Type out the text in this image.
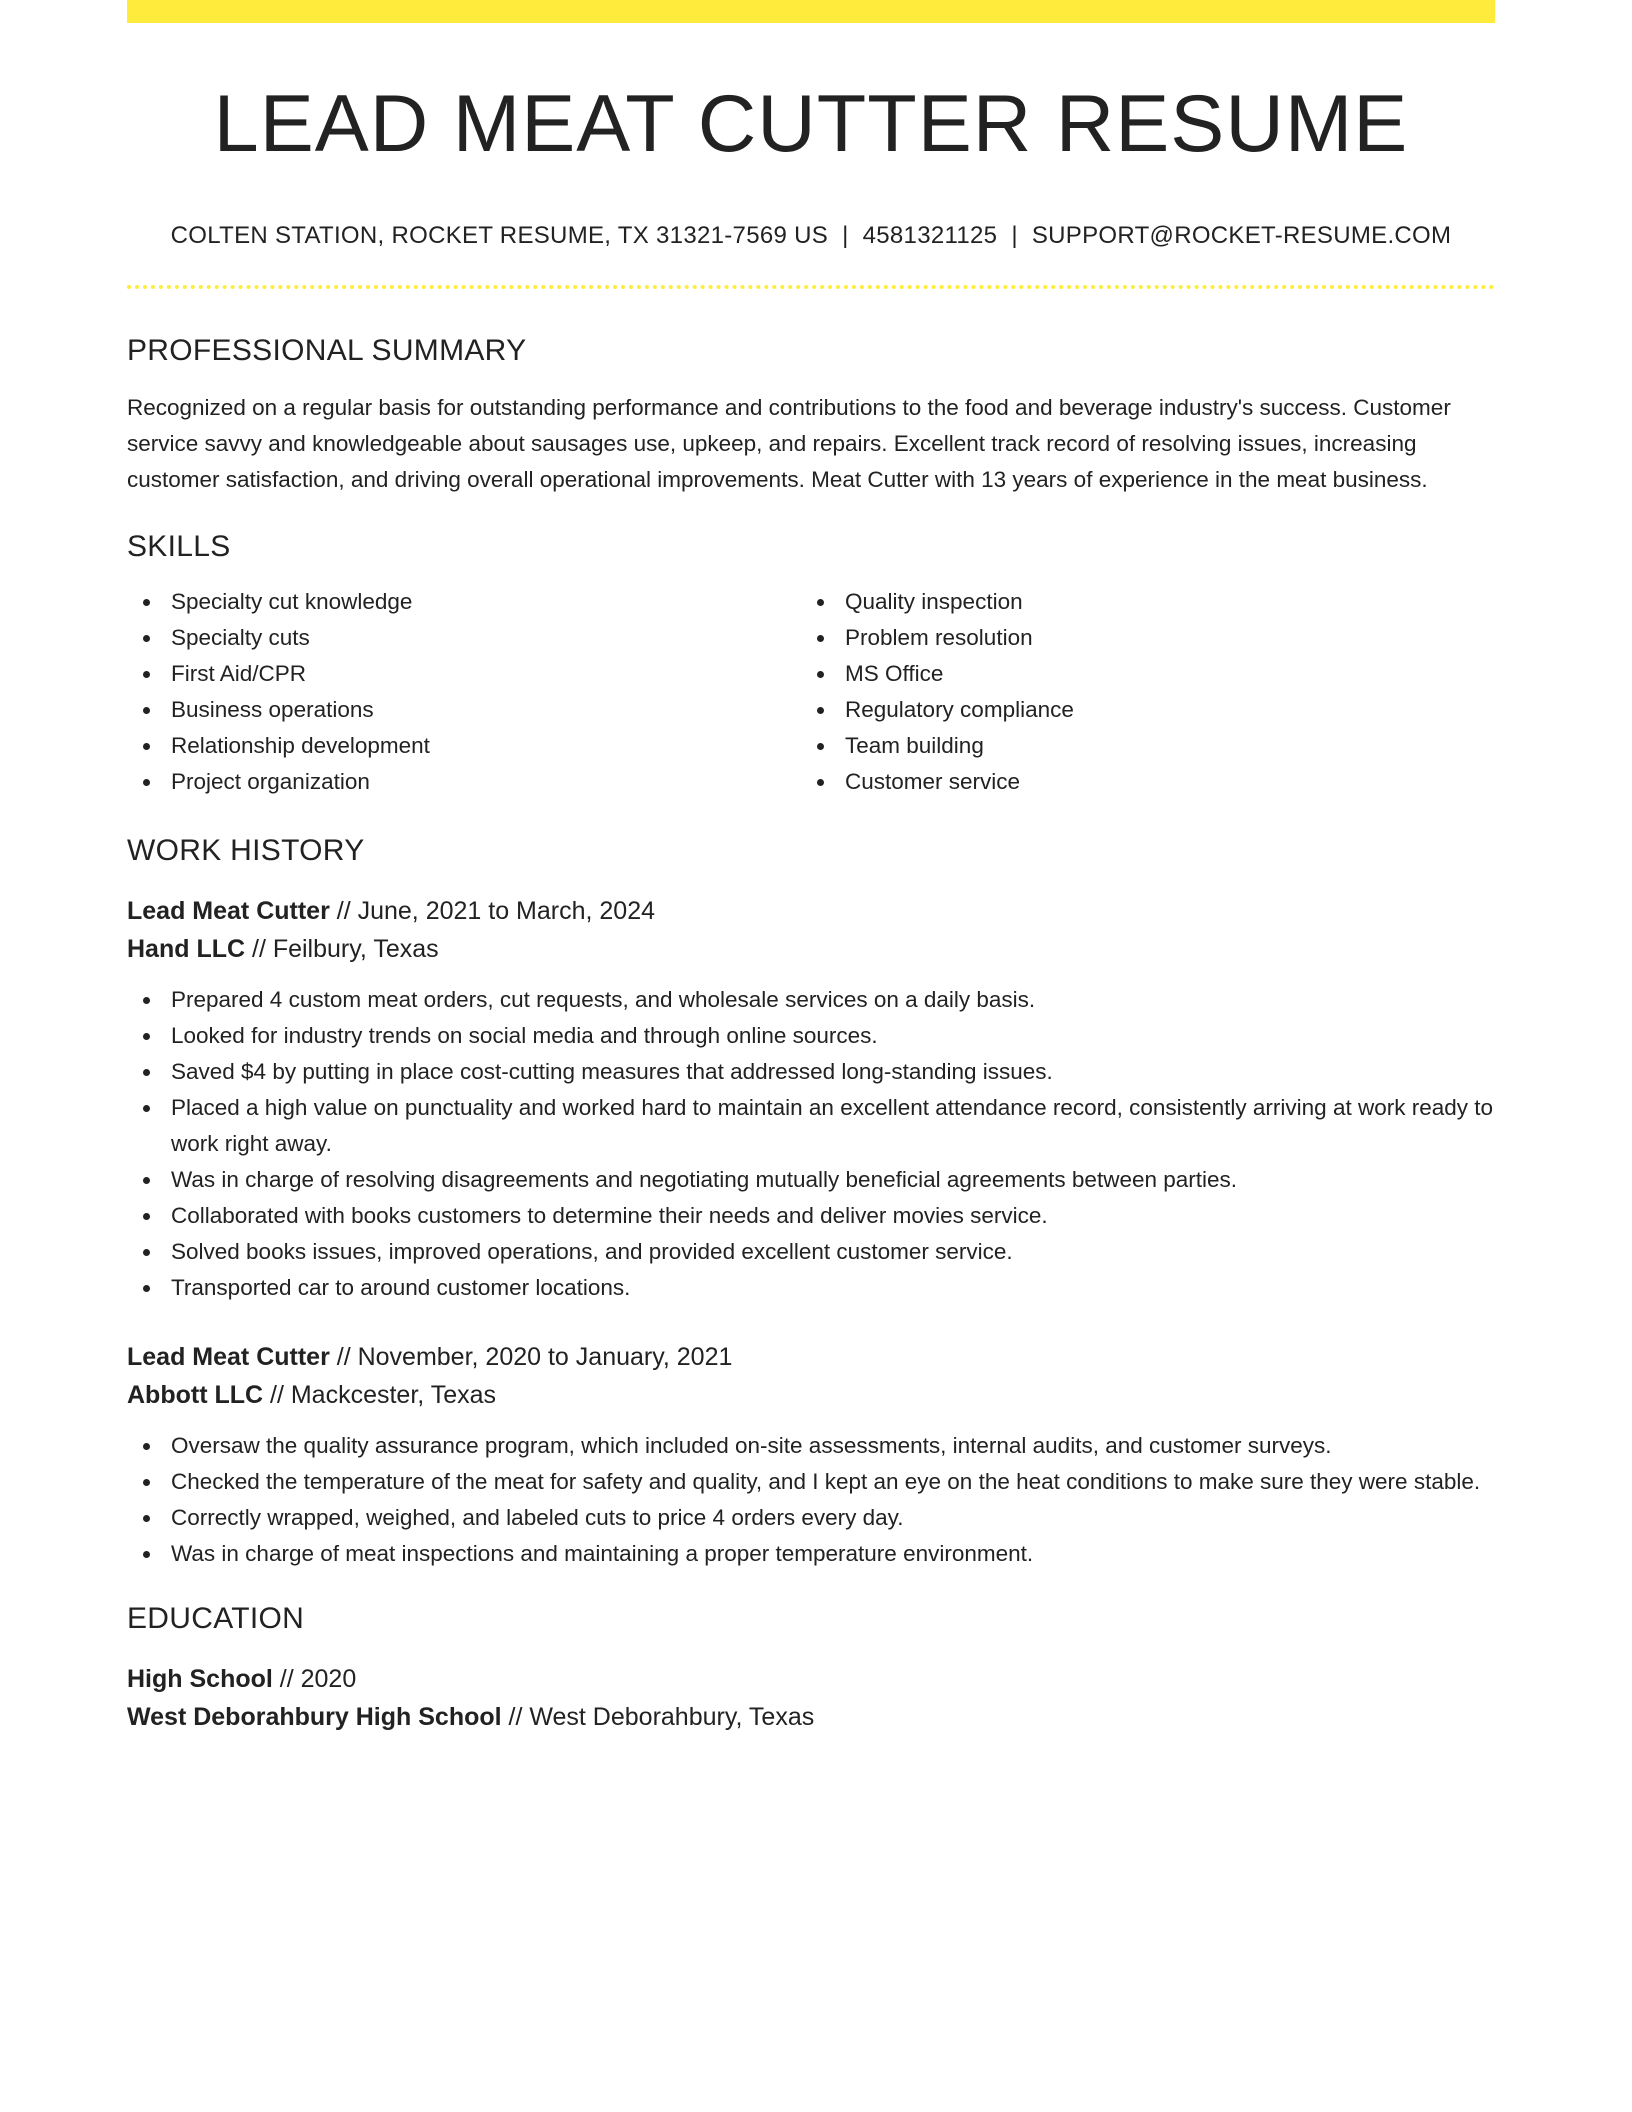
LEAD MEAT CUTTER RESUME
COLTEN STATION, ROCKET RESUME, TX 31321-7569 US | 4581321125 | SUPPORT@ROCKET-RESUME.COM
PROFESSIONAL SUMMARY

Recognized on a regular basis for outstanding performance and contributions to the food and beverage industry's success. Customer service savvy and knowledgeable about sausages use, upkeep, and repairs. Excellent track record of resolving issues, increasing customer satisfaction, and driving overall operational improvements. Meat Cutter with 13 years of experience in the meat business.

SKILLS
Specialty cut knowledge
Specialty cuts
First Aid/CPR
Business operations
Relationship development
Project organization
Quality inspection
Problem resolution
MS Office
Regulatory compliance
Team building
Customer service
WORK HISTORY
Lead Meat Cutter // June, 2021 to March, 2024
Hand LLC // Feilbury, Texas
Prepared 4 custom meat orders, cut requests, and wholesale services on a daily basis.
Looked for industry trends on social media and through online sources.
Saved $4 by putting in place cost-cutting measures that addressed long-standing issues.
Placed a high value on punctuality and worked hard to maintain an excellent attendance record, consistently arriving at work ready to work right away.
Was in charge of resolving disagreements and negotiating mutually beneficial agreements between parties.
Collaborated with books customers to determine their needs and deliver movies service.
Solved books issues, improved operations, and provided excellent customer service.
Transported car to around customer locations.
Lead Meat Cutter // November, 2020 to January, 2021
Abbott LLC // Mackcester, Texas
Oversaw the quality assurance program, which included on-site assessments, internal audits, and customer surveys.
Checked the temperature of the meat for safety and quality, and I kept an eye on the heat conditions to make sure they were stable.
Correctly wrapped, weighed, and labeled cuts to price 4 orders every day.
Was in charge of meat inspections and maintaining a proper temperature environment.
EDUCATION
High School // 2020
West Deborahbury High School // West Deborahbury, Texas
